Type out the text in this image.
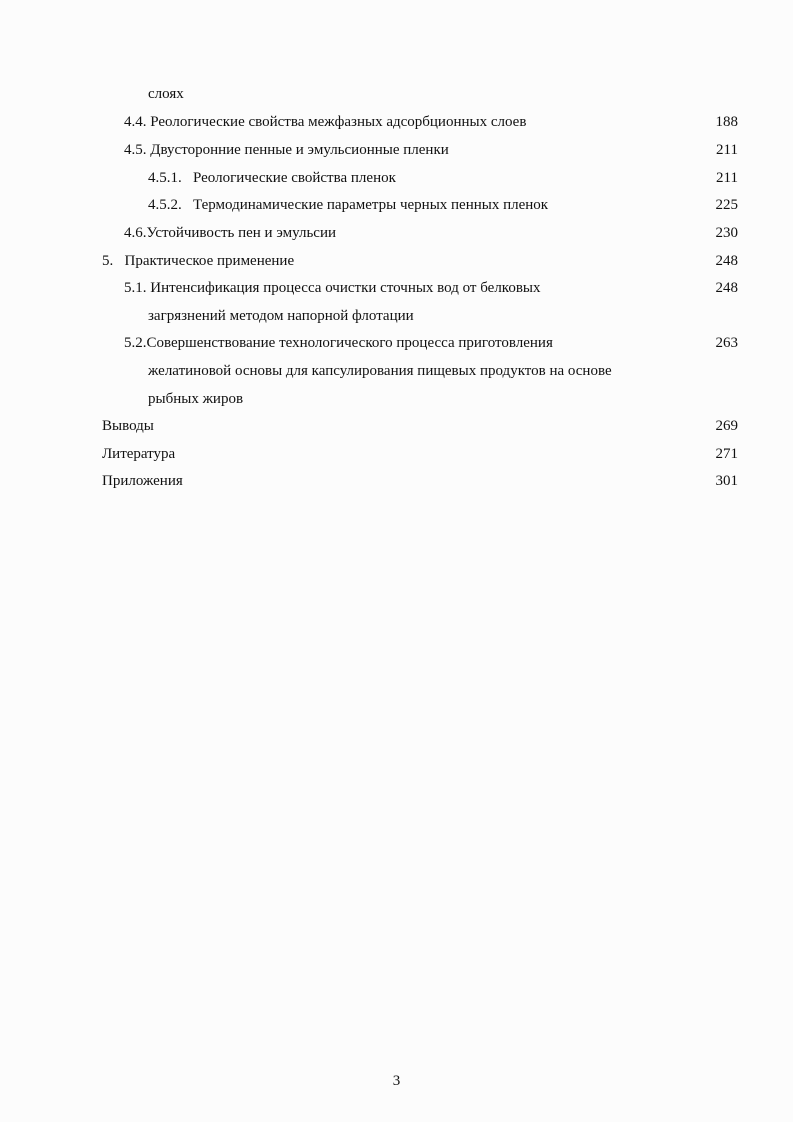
слоях
4.4. Реологические свойства межфазных адсорбционных слоев	188
4.5. Двусторонние пенные и эмульсионные пленки	211
4.5.1.   Реологические свойства пленок	211
4.5.2.   Термодинамические параметры черных пенных пленок	225
4.6.Устойчивость пен и эмульсии	230
5.   Практическое применение	248
5.1. Интенсификация процесса очистки сточных вод от белковых	248
загрязнений методом напорной флотации
5.2.Совершенствование технологического процесса приготовления	263
желатиновой основы для капсулирования пищевых продуктов на основе
рыбных жиров
Выводы	269
Литература	271
Приложения	301
3
